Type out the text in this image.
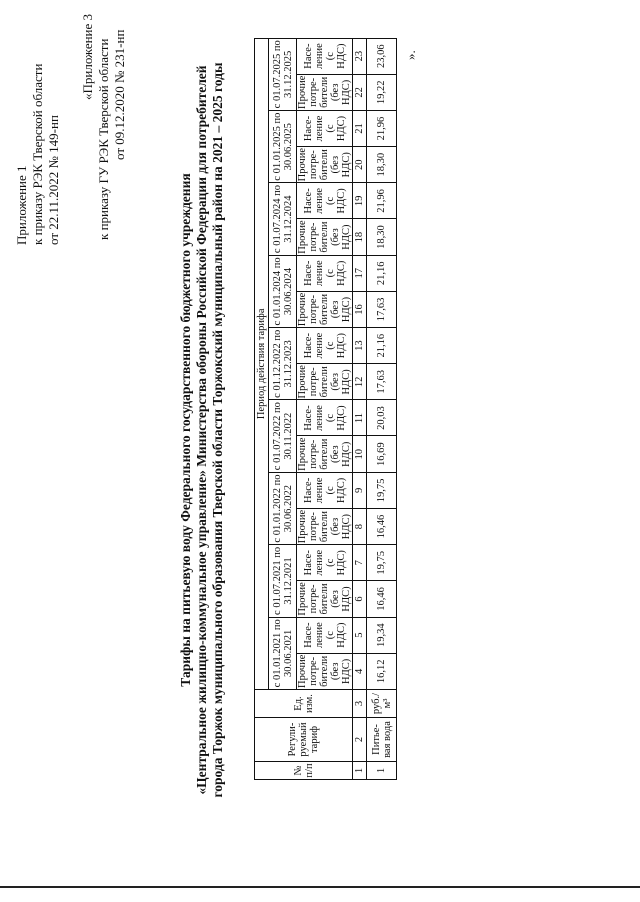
Приложение 1 к приказу РЭК Тверской области от 22.11.2022 № 149-нп
«Приложение 3 к приказу ГУ РЭК Тверской области от 09.12.2020 № 231-нп
Тарифы на питьевую воду Федерального государственного бюджетного учреждения «Центральное жилищно-коммунальное управление» Министерства обороны Российской Федерации для потребителей города Торжок муниципального образования Тверской области Торжокский муниципальный район на 2021 – 2025 годы	№ п/п	Регули-руемый тариф	Ед. изм.	Период действия тарифа																	
			с 01.01.2021 по 30.06.2021		с 01.07.2021 по 31.12.2021		с 01.01.2022 по 30.06.2022		с 01.07.2022 по 30.11.2022		с 01.12.2022 по 31.12.2023		с 01.01.2024 по 30.06.2024		с 01.07.2024 по 31.12.2024		с 01.01.2025 по 30.06.2025		с 01.07.2025 по 31.12.2025	
			Прочие потре-бители (без НДС)	Насе-ление (с НДС)	Прочие потре-бители (без НДС)	Насе-ление (с НДС)	Прочие потре-бители (без НДС)	Насе-ление (с НДС)	Прочие потре-бители (без НДС)	Насе-ление (с НДС)	Прочие потре-бители (без НДС)	Насе-ление (с НДС)	Прочие потре-бители (без НДС)	Насе-ление (с НДС)	Прочие потре-бители (без НДС)	Насе-ление (с НДС)	Прочие потре-бители (без НДС)	Насе-ление (с НДС)	Прочие потре-бители (без НДС)	Насе-ление (с НДС)
1	2	3	4	5	6	7	8	9	10	11	12	13	16	17	18	19	20	21	22	23
1	Питье-вая вода	руб./м³	16,12	19,34	16,46	19,75	16,46	19,75	16,69	20,03	17,63	21,16	17,63	21,16	18,30	21,96	18,30	21,96	19,22	23,06 ».
